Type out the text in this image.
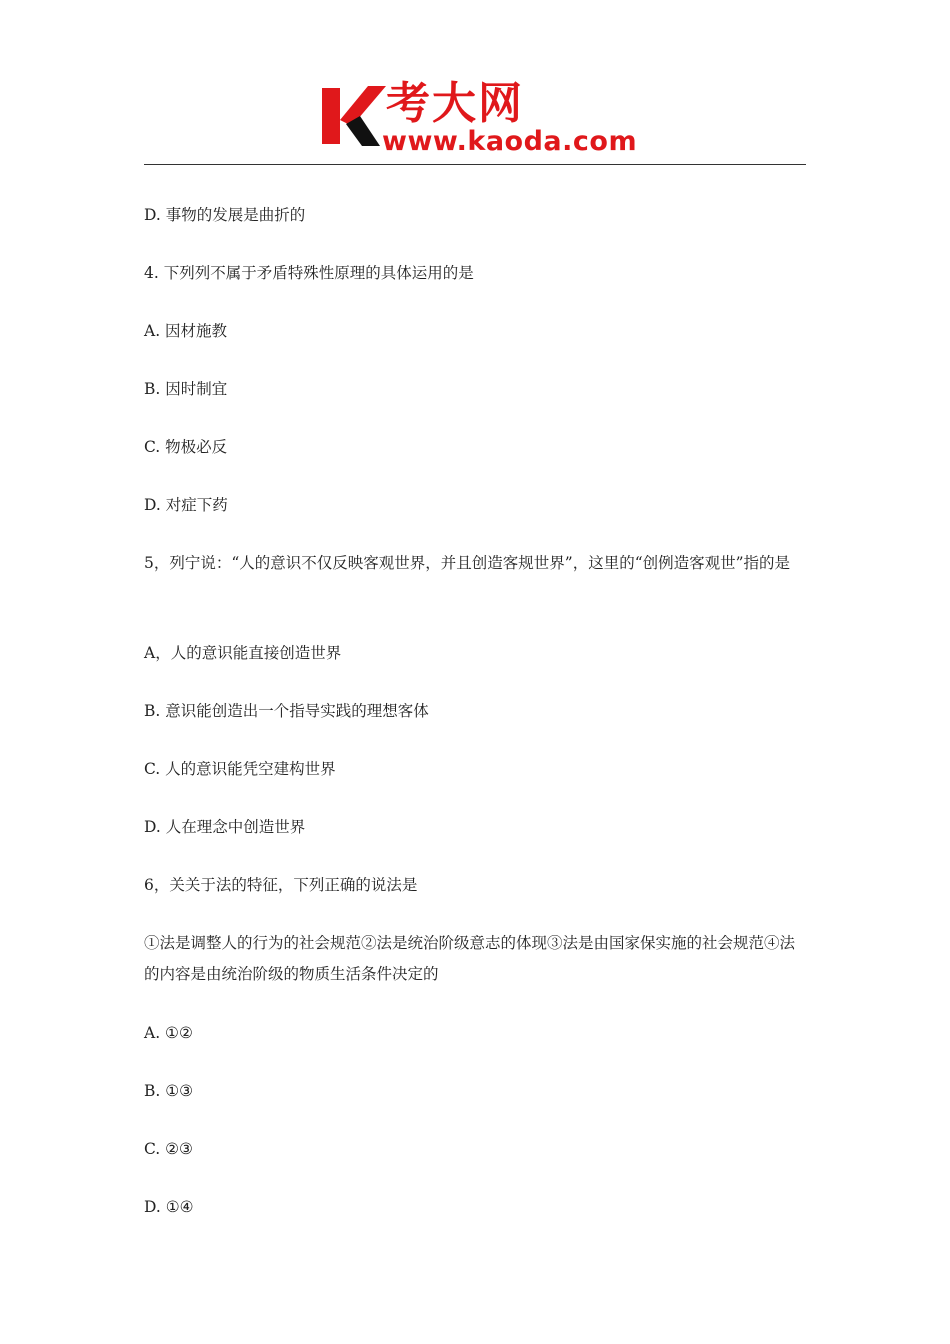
考大网
www.kaoda.com
D. 事物的发展是曲折的
4. 下列列不属于矛盾特殊性原理的具体运用的是
A. 因材施教
B. 因时制宜
C. 物极必反
D. 对症下药
5，列宁说：“人的意识不仅反映客观世界，并且创造客规世界”，这里的“创例造客观世”指的是
A，人的意识能直接创造世界
B. 意识能创造出一个指导实践的理想客体
C. 人的意识能凭空建构世界
D. 人在理念中创造世界
6，关关于法的特征，下列正确的说法是
①法是调整人的行为的社会规范②法是统治阶级意志的体现③法是由国家保实施的社会规范④法的内容是由统治阶级的物质生活条件决定的
A. ①②
B. ①③
C. ②③
D. ①④
